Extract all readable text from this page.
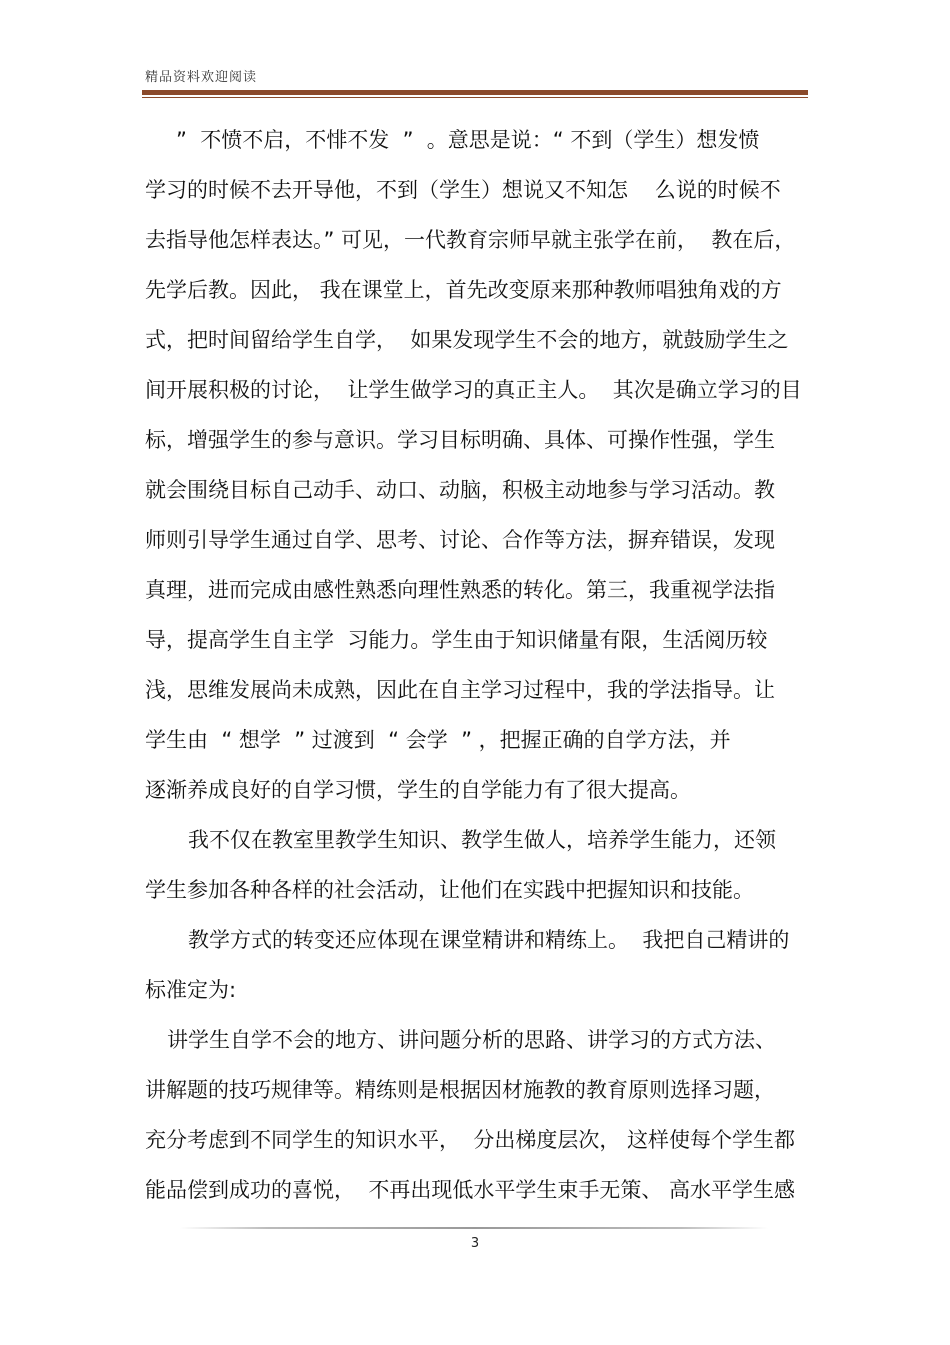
精品资料欢迎阅读
”  不愤不启，不悱不发  ”  。意思是说：“ 不到（学生）想发愤
学习的时候不去开导他，不到（学生）想说又不知怎    么说的时候不
去指导他怎样表达。” 可见，一代教育宗师早就主张学在前，  教在后，
先学后教。因此， 我在课堂上，首先改变原来那种教师唱独角戏的方
式，把时间留给学生自学，  如果发现学生不会的地方，就鼓励学生之
间开展积极的讨论，  让学生做学习的真正主人。  其次是确立学习的目
标，增强学生的参与意识。学习目标明确、具体、可操作性强，学生
就会围绕目标自己动手、动口、动脑，积极主动地参与学习活动。教
师则引导学生通过自学、思考、讨论、合作等方法，摒弃错误，发现
真理，进而完成由感性熟悉向理性熟悉的转化。第三，我重视学法指
导，提高学生自主学  习能力。学生由于知识储量有限，生活阅历较
浅，思维发展尚未成熟，因此在自主学习过程中，我的学法指导。让
学生由  “ 想学  ” 过渡到  “ 会学  ” ，把握正确的自学方法，并
逐渐养成良好的自学习惯，学生的自学能力有了很大提高。
我不仅在教室里教学生知识、教学生做人，培养学生能力，还领
学生参加各种各样的社会活动，让他们在实践中把握知识和技能。
教学方式的转变还应体现在课堂精讲和精练上。  我把自己精讲的
标准定为:
讲学生自学不会的地方、讲问题分析的思路、讲学习的方式方法、
讲解题的技巧规律等。精练则是根据因材施教的教育原则选择习题，
充分考虑到不同学生的知识水平，  分出梯度层次， 这样使每个学生都
能品偿到成功的喜悦，  不再出现低水平学生束手无策、 高水平学生感
3
